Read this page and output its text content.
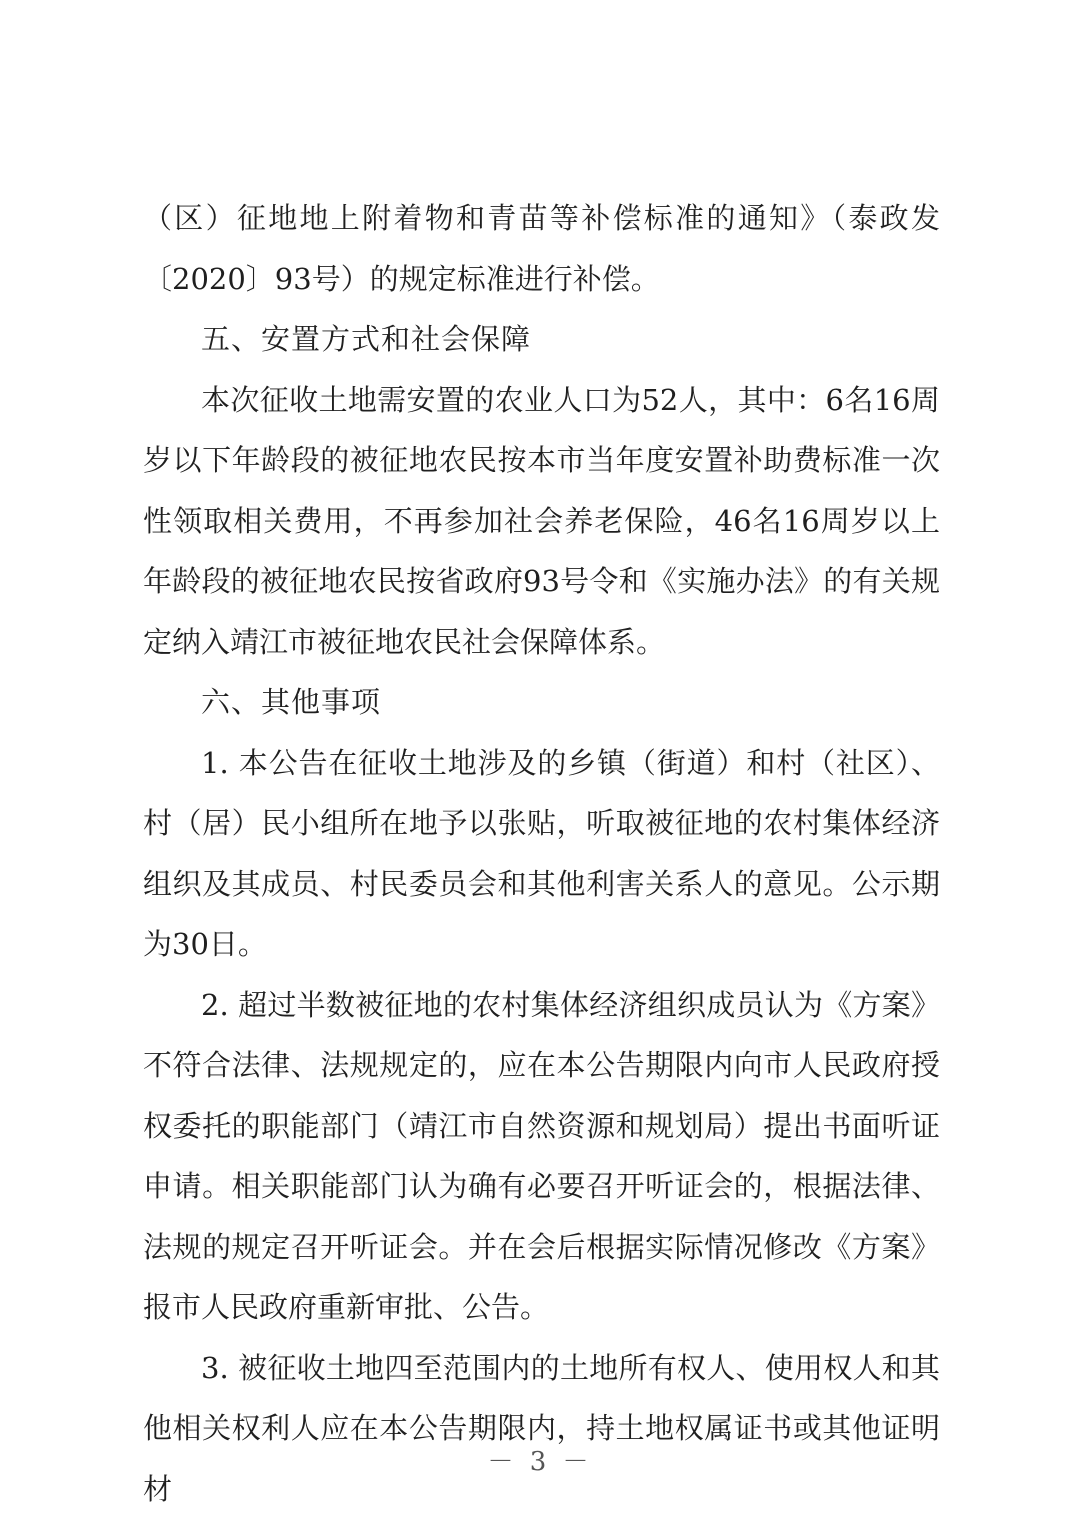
（区）征地地上附着物和青苗等补偿标准的通知》（泰政发〔2020〕93号）的规定标准进行补偿。

五、安置方式和社会保障

本次征收土地需安置的农业人口为52人，其中：6名16周岁以下年龄段的被征地农民按本市当年度安置补助费标准一次性领取相关费用，不再参加社会养老保险，46名16周岁以上年龄段的被征地农民按省政府93号令和《实施办法》的有关规定纳入靖江市被征地农民社会保障体系。

六、其他事项

1. 本公告在征收土地涉及的乡镇（街道）和村（社区）、村（居）民小组所在地予以张贴，听取被征地的农村集体经济组织及其成员、村民委员会和其他利害关系人的意见。公示期为30日。

2. 超过半数被征地的农村集体经济组织成员认为《方案》不符合法律、法规规定的，应在本公告期限内向市人民政府授权委托的职能部门（靖江市自然资源和规划局）提出书面听证申请。相关职能部门认为确有必要召开听证会的，根据法律、法规的规定召开听证会。并在会后根据实际情况修改《方案》报市人民政府重新审批、公告。

3. 被征收土地四至范围内的土地所有权人、使用权人和其他相关权利人应在本公告期限内，持土地权属证书或其他证明材

－ 3 －
